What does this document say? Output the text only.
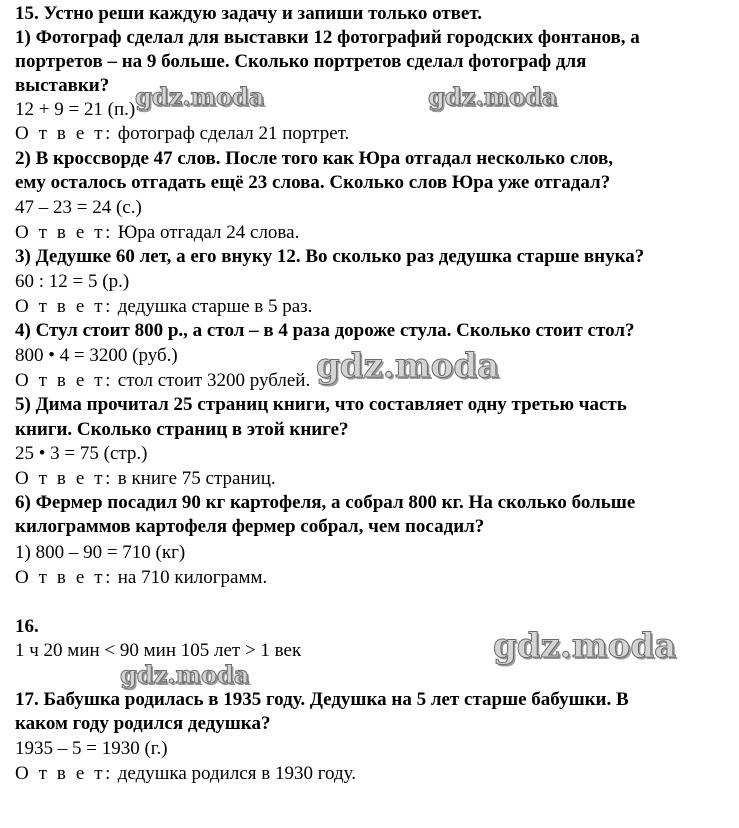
15. Устно реши каждую задачу и запиши только ответ.
1) Фотограф сделал для выставки 12 фотографий городских фонтанов, а
портретов – на 9 больше. Сколько портретов сделал фотограф для
выставки?
12 + 9 = 21 (п.)
О т в е т: фотограф сделал 21 портрет.
2) В кроссворде 47 слов. После того как Юра отгадал несколько слов,
ему осталось отгадать ещё 23 слова. Сколько слов Юра уже отгадал?
47 – 23 = 24 (с.)
О т в е т: Юра отгадал 24 слова.
3) Дедушке 60 лет, а его внуку 12. Во сколько раз дедушка старше внука?
60 : 12 = 5 (р.)
О т в е т: дедушка старше в 5 раз.
4) Стул стоит 800 р., а стол – в 4 раза дороже стула. Сколько стоит стол?
800 • 4 = 3200 (руб.)
О т в е т: стол стоит 3200 рублей.
5) Дима прочитал 25 страниц книги, что составляет одну третью часть
книги. Сколько страниц в этой книге?
25 • 3 = 75 (стр.)
О т в е т: в книге 75 страниц.
6) Фермер посадил 90 кг картофеля, а собрал 800 кг. На сколько больше
килограммов картофеля фермер собрал, чем посадил?
1) 800 – 90 = 710 (кг)
О т в е т: на 710 килограмм.
16.
1 ч 20 мин < 90 мин 105 лет > 1 век
17. Бабушка родилась в 1935 году. Дедушка на 5 лет старше бабушки. В
каком году родился дедушка?
1935 – 5 = 1930 (г.)
О т в е т: дедушка родился в 1930 году.
gdz.moda	gdz.moda
gdz.moda
gdz.moda
gdz.moda
